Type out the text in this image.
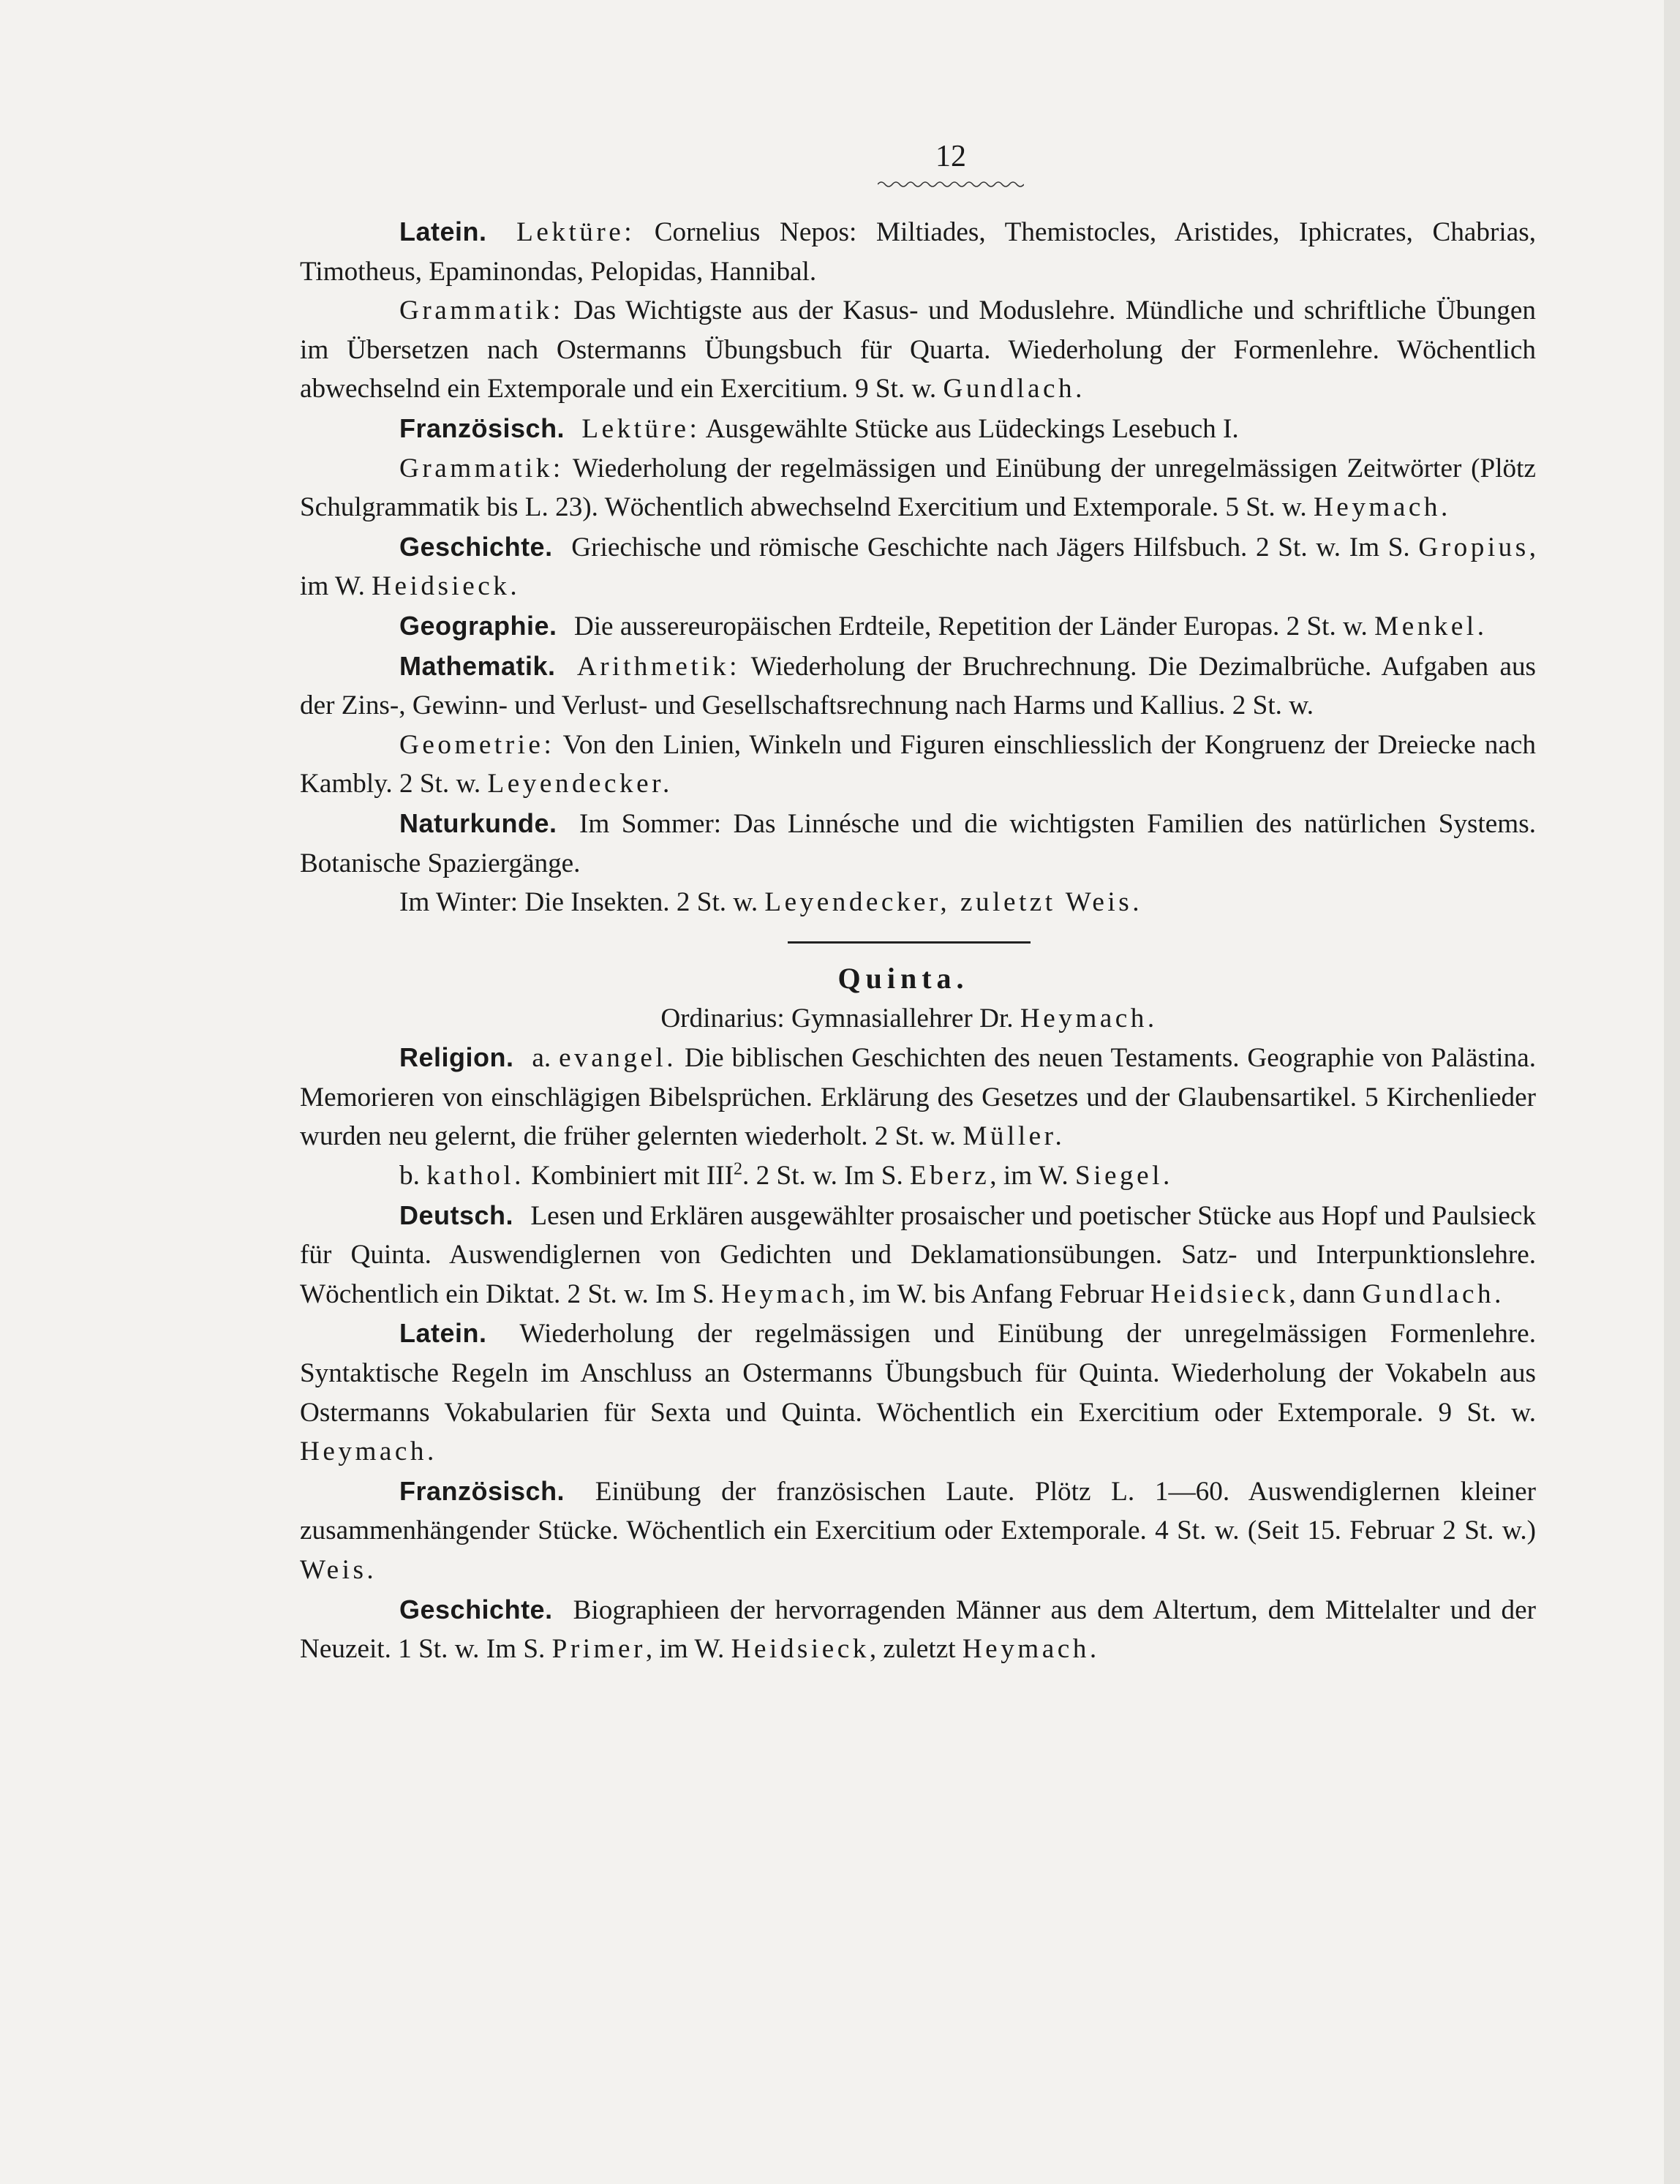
12

Latein. Lektüre: Cornelius Nepos: Miltiades, Themistocles, Aristides, Iphicrates, Chabrias, Timotheus, Epaminondas, Pelopidas, Hannibal.

Grammatik: Das Wichtigste aus der Kasus- und Moduslehre. Mündliche und schriftliche Übungen im Übersetzen nach Ostermanns Übungsbuch für Quarta. Wiederholung der Formenlehre. Wöchentlich abwechselnd ein Extemporale und ein Exercitium. 9 St. w. Gundlach.

Französisch. Lektüre: Ausgewählte Stücke aus Lüdeckings Lesebuch I.

Grammatik: Wiederholung der regelmässigen und Einübung der unregelmässigen Zeitwörter (Plötz Schulgrammatik bis L. 23). Wöchentlich abwechselnd Exercitium und Extemporale. 5 St. w. Heymach.

Geschichte. Griechische und römische Geschichte nach Jägers Hilfsbuch. 2 St. w. Im S. Gropius, im W. Heidsieck.

Geographie. Die aussereuropäischen Erdteile, Repetition der Länder Europas. 2 St. w. Menkel.

Mathematik. Arithmetik: Wiederholung der Bruchrechnung. Die Dezimalbrüche. Aufgaben aus der Zins-, Gewinn- und Verlust- und Gesellschaftsrechnung nach Harms und Kallius. 2 St. w.

Geometrie: Von den Linien, Winkeln und Figuren einschliesslich der Kongruenz der Dreiecke nach Kambly. 2 St. w. Leyendecker.

Naturkunde. Im Sommer: Das Linnésche und die wichtigsten Familien des natürlichen Systems. Botanische Spaziergänge.

Im Winter: Die Insekten. 2 St. w. Leyendecker, zuletzt Weis.

Quinta.

Ordinarius: Gymnasiallehrer Dr. Heymach.

Religion. a. evangel. Die biblischen Geschichten des neuen Testaments. Geographie von Palästina. Memorieren von einschlägigen Bibelsprüchen. Erklärung des Gesetzes und der Glaubensartikel. 5 Kirchenlieder wurden neu gelernt, die früher gelernten wiederholt. 2 St. w. Müller.

b. kathol. Kombiniert mit III$^2$. 2 St. w. Im S. Eberz, im W. Siegel.

Deutsch. Lesen und Erklären ausgewählter prosaischer und poetischer Stücke aus Hopf und Paulsieck für Quinta. Auswendiglernen von Gedichten und Deklamationsübungen. Satz- und Interpunktionslehre. Wöchentlich ein Diktat. 2 St. w. Im S. Heymach, im W. bis Anfang Februar Heidsieck, dann Gundlach.

Latein. Wiederholung der regelmässigen und Einübung der unregelmässigen Formenlehre. Syntaktische Regeln im Anschluss an Ostermanns Übungsbuch für Quinta. Wiederholung der Vokabeln aus Ostermanns Vokabularien für Sexta und Quinta. Wöchentlich ein Exercitium oder Extemporale. 9 St. w. Heymach.

Französisch. Einübung der französischen Laute. Plötz L. 1—60. Auswendiglernen kleiner zusammenhängender Stücke. Wöchentlich ein Exercitium oder Extemporale. 4 St. w. (Seit 15. Februar 2 St. w.) Weis.

Geschichte. Biographieen der hervorragenden Männer aus dem Altertum, dem Mittelalter und der Neuzeit. 1 St. w. Im S. Primer, im W. Heidsieck, zuletzt Heymach.
